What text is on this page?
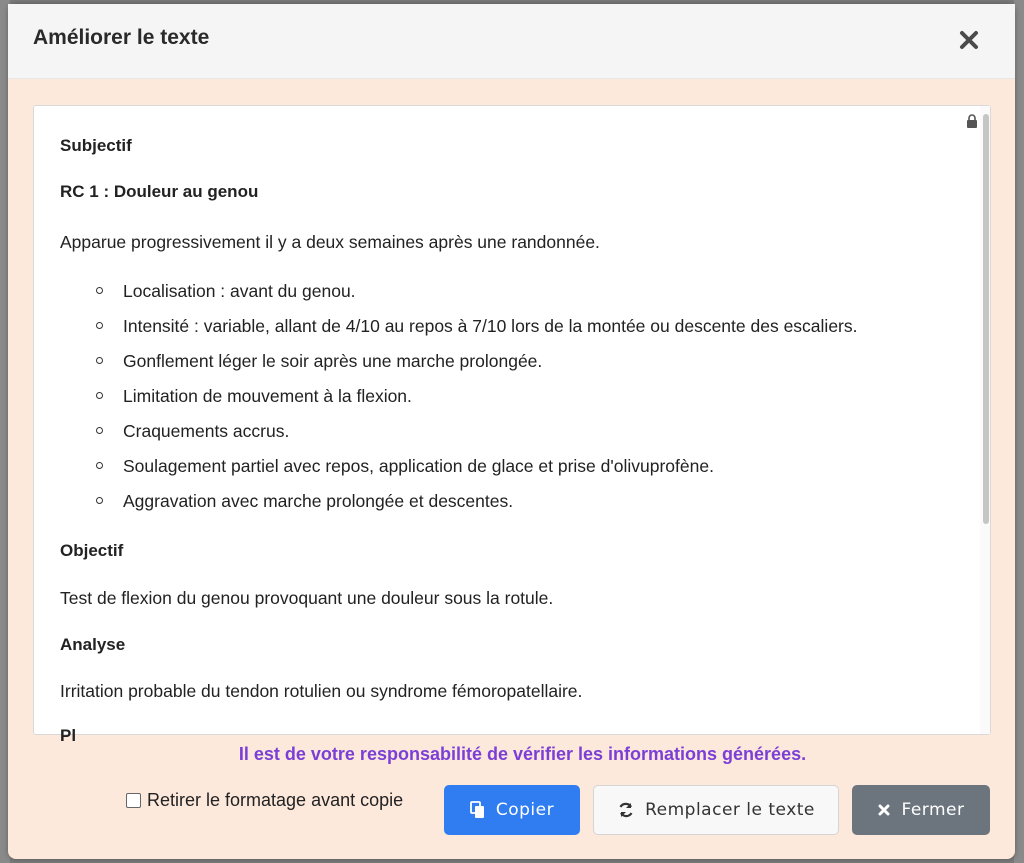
Améliorer le texte

Subjectif

RC 1 : Douleur au genou

Apparue progressivement il y a deux semaines après une randonnée.

Localisation : avant du genou.
Intensité : variable, allant de 4/10 au repos à 7/10 lors de la montée ou descente des escaliers.
Gonflement léger le soir après une marche prolongée.
Limitation de mouvement à la flexion.
Craquements accrus.
Soulagement partiel avec repos, application de glace et prise d'olivuprofène.
Aggravation avec marche prolongée et descentes.

Objectif

Test de flexion du genou provoquant une douleur sous la rotule.

Analyse

Irritation probable du tendon rotulien ou syndrome fémoropatellaire.

Pl

Il est de votre responsabilité de vérifier les informations générées.

Retirer le formatage avant copie	Copier	Remplacer le texte	Fermer
